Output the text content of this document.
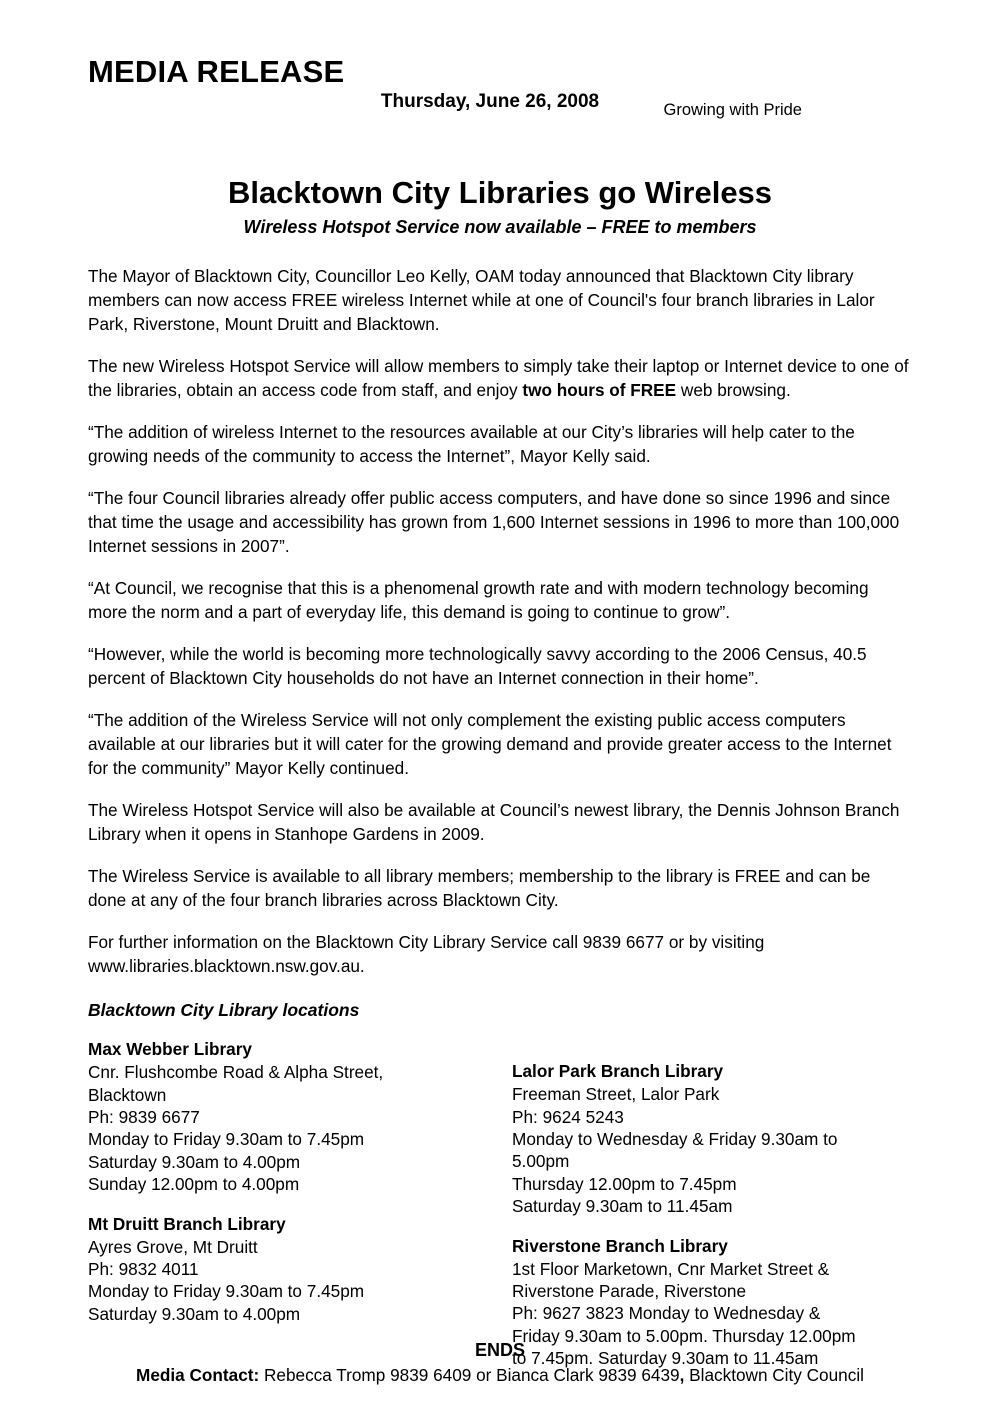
MEDIA RELEASE
Growing with Pride
Thursday, June 26, 2008
Blacktown City Libraries go Wireless
Wireless Hotspot Service now available – FREE to members

The Mayor of Blacktown City, Councillor Leo Kelly, OAM today announced that Blacktown City library members can now access FREE wireless Internet while at one of Council's four branch libraries in Lalor Park, Riverstone, Mount Druitt and Blacktown.

The new Wireless Hotspot Service will allow members to simply take their laptop or Internet device to one of the libraries, obtain an access code from staff, and enjoy two hours of FREE web browsing.

“The addition of wireless Internet to the resources available at our City’s libraries will help cater to the growing needs of the community to access the Internet”, Mayor Kelly said.

“The four Council libraries already offer public access computers, and have done so since 1996 and since that time the usage and accessibility has grown from 1,600 Internet sessions in 1996 to more than 100,000 Internet sessions in 2007”.

“At Council, we recognise that this is a phenomenal growth rate and with modern technology becoming more the norm and a part of everyday life, this demand is going to continue to grow”.

“However, while the world is becoming more technologically savvy according to the 2006 Census, 40.5 percent of Blacktown City households do not have an Internet connection in their home”.

“The addition of the Wireless Service will not only complement the existing public access computers available at our libraries but it will cater for the growing demand and provide greater access to the Internet for the community” Mayor Kelly continued.

The Wireless Hotspot Service will also be available at Council’s newest library, the Dennis Johnson Branch Library when it opens in Stanhope Gardens in 2009.

The Wireless Service is available to all library members; membership to the library is FREE and can be done at any of the four branch libraries across Blacktown City.

For further information on the Blacktown City Library Service call 9839 6677 or by visiting www.libraries.blacktown.nsw.gov.au.

Blacktown City Library locations
Max Webber Library
Cnr. Flushcombe Road & Alpha Street,
Blacktown
Ph: 9839 6677
Monday to Friday 9.30am to 7.45pm
Saturday 9.30am to 4.00pm
Sunday 12.00pm to 4.00pm
Mt Druitt Branch Library
Ayres Grove, Mt Druitt
Ph: 9832 4011
Monday to Friday 9.30am to 7.45pm
Saturday 9.30am to 4.00pm
Lalor Park Branch Library
Freeman Street, Lalor Park
Ph: 9624 5243
Monday to Wednesday & Friday 9.30am to
5.00pm
Thursday 12.00pm to 7.45pm
Saturday 9.30am to 11.45am
Riverstone Branch Library
1st Floor Marketown, Cnr Market Street &
Riverstone Parade, Riverstone
Ph: 9627 3823 Monday to Wednesday &
Friday 9.30am to 5.00pm. Thursday 12.00pm
to 7.45pm. Saturday 9.30am to 11.45am
ENDS
Media Contact: Rebecca Tromp 9839 6409 or Bianca Clark 9839 6439, Blacktown City Council
